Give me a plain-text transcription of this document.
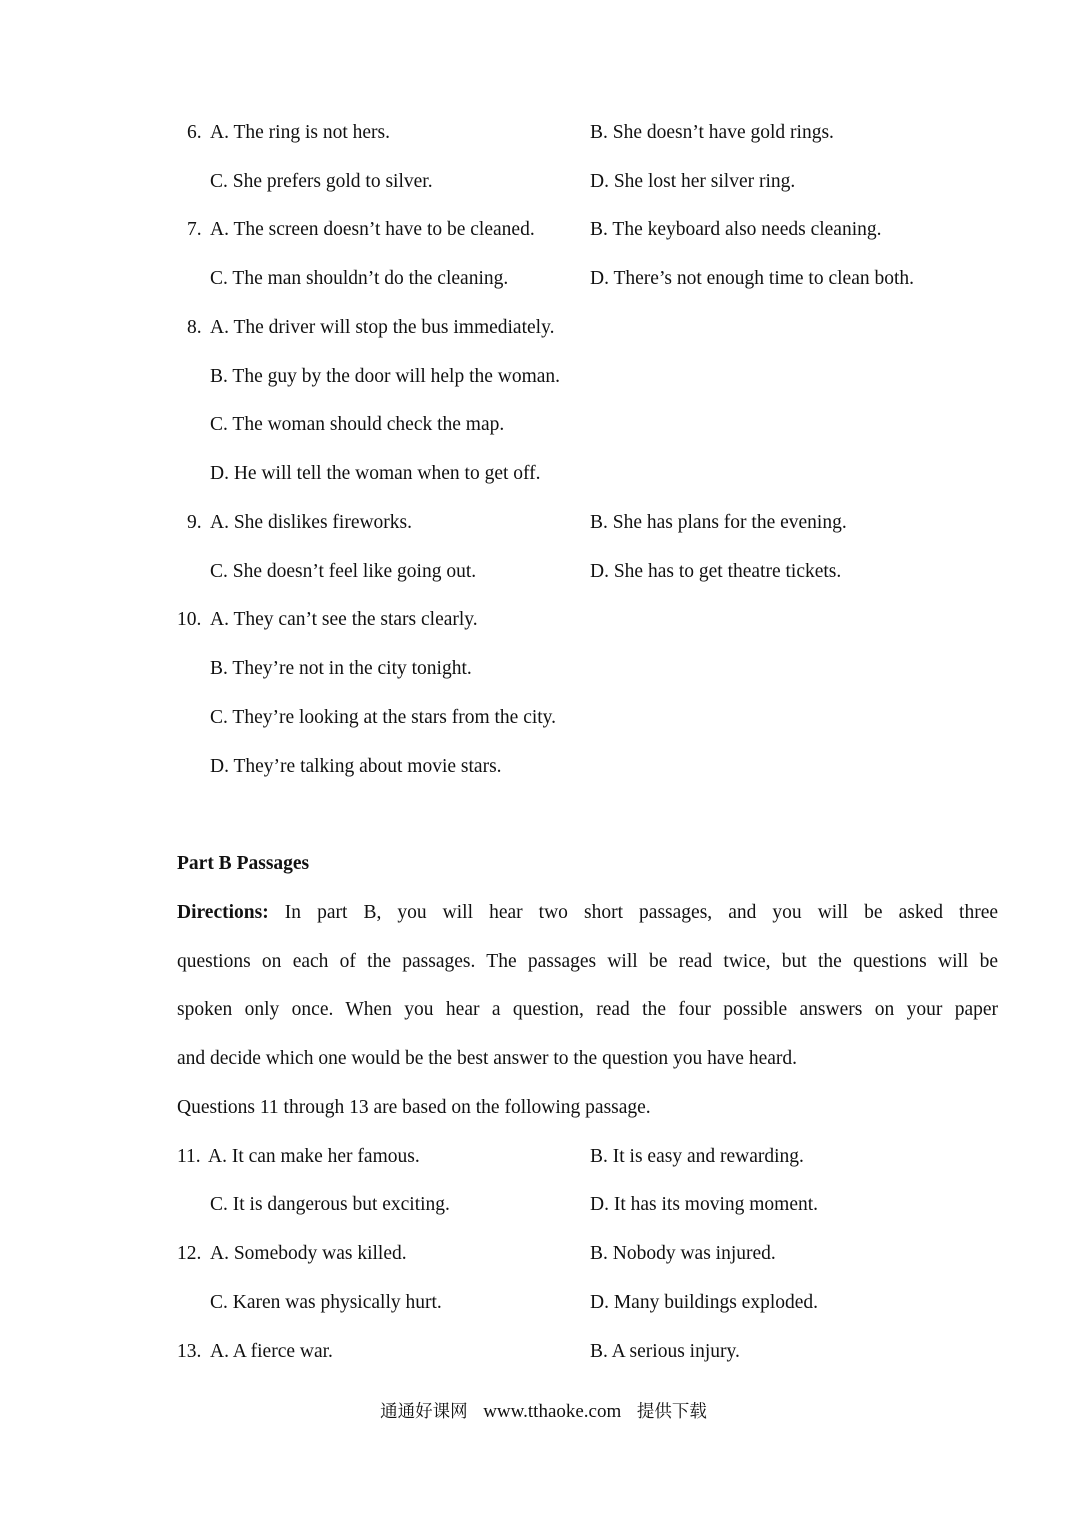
6. A. The ring is not hers.	B. She doesn’t have gold rings.
C. She prefers gold to silver.	D. She lost her silver ring.
7. A. The screen doesn’t have to be cleaned.	B. The keyboard also needs cleaning.
C. The man shouldn’t do the cleaning.	D. There’s not enough time to clean both.
8. A. The driver will stop the bus immediately.
B. The guy by the door will help the woman.
C. The woman should check the map.
D. He will tell the woman when to get off.
9. A. She dislikes fireworks.	B. She has plans for the evening.
C. She doesn’t feel like going out.	D. She has to get theatre tickets.
10. A. They can’t see the stars clearly.
B. They’re not in the city tonight.
C. They’re looking at the stars from the city.
D. They’re talking about movie stars.
Part B Passages
Directions: In part B, you will hear two short passages, and you will be asked three
questions on each of the passages. The passages will be read twice, but the questions will be
spoken only once. When you hear a question, read the four possible answers on your paper
and decide which one would be the best answer to the question you have heard.
Questions 11 through 13 are based on the following passage.
11. A. It can make her famous.	B. It is easy and rewarding.
C. It is dangerous but exciting.	D. It has its moving moment.
12. A. Somebody was killed.	B. Nobody was injured.
C. Karen was physically hurt.	D. Many buildings exploded.
13. A. A fierce war.	B. A serious injury.
通通好课网 www.tthaoke.com 提供下载
